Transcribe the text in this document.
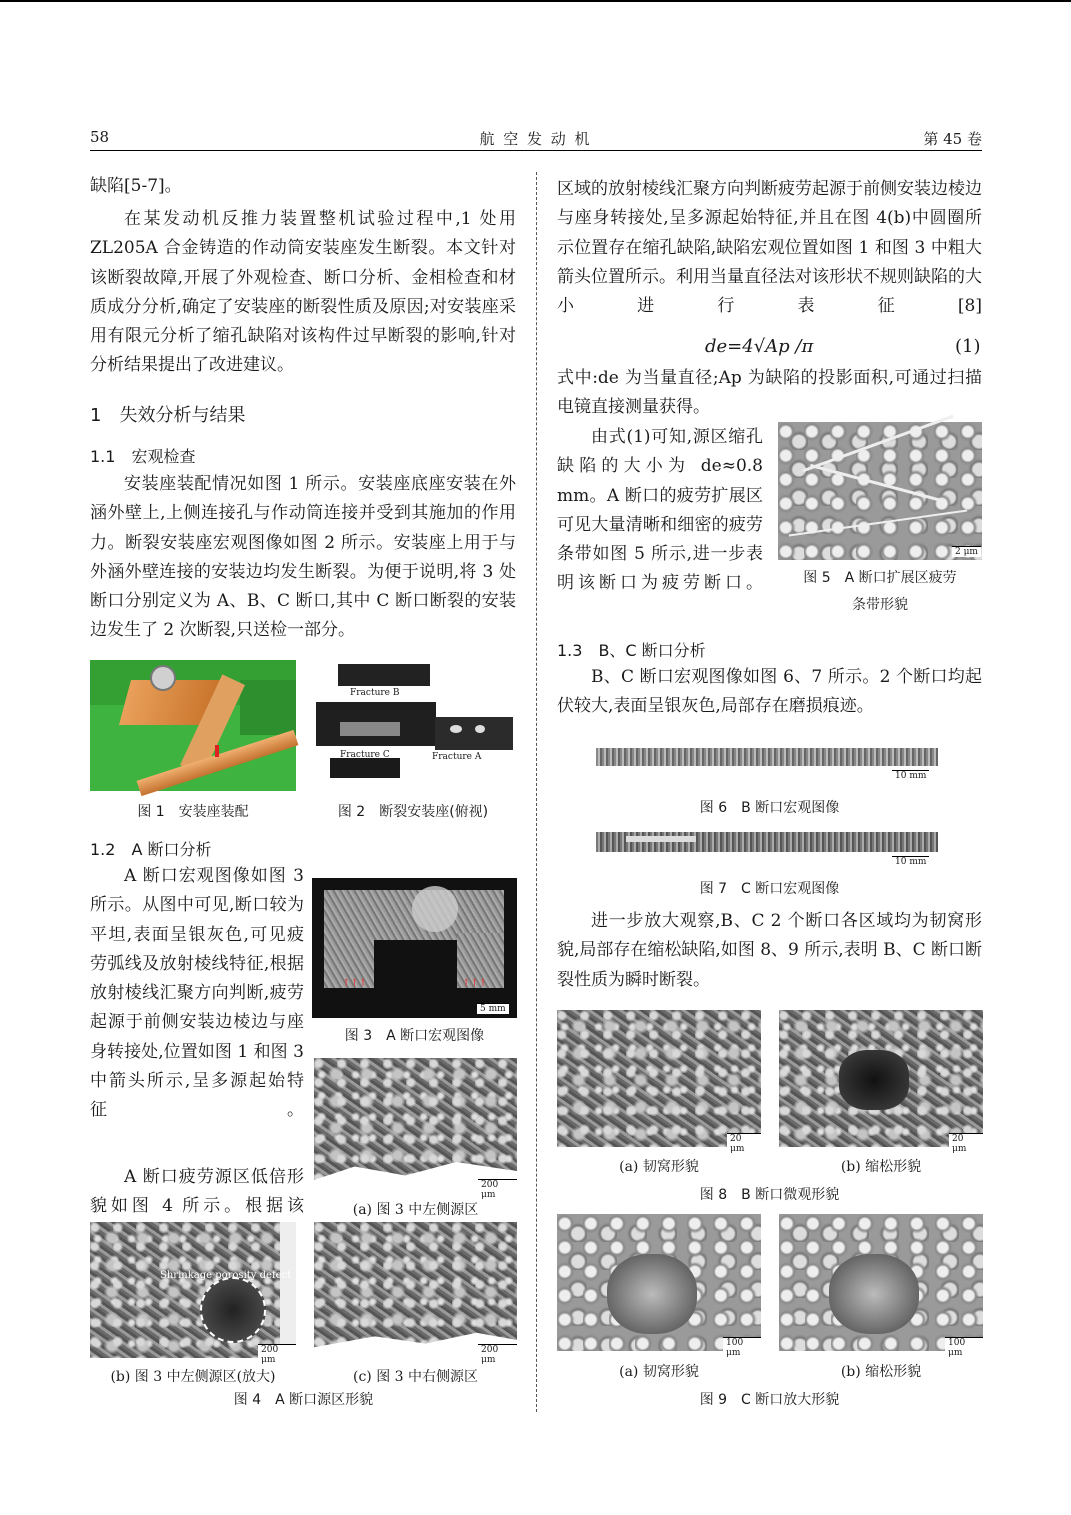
58	航 空 发 动 机	第 45 卷

缺陷[5-7]。

在某发动机反推力装置整机试验过程中,1 处用 ZL205A 合金铸造的作动筒安装座发生断裂。本文针对该断裂故障,开展了外观检查、断口分析、金相检查和材质成分分析,确定了安装座的断裂性质及原因;对安装座采用有限元分析了缩孔缺陷对该构件过早断裂的影响,针对分析结果提出了改进建议。

1　失效分析与结果
1.1　宏观检查

安装座装配情况如图 1 所示。安装座底座安装在外涵外壁上,上侧连接孔与作动筒连接并受到其施加的作用力。断裂安装座宏观图像如图 2 所示。安装座上用于与外涵外壁连接的安装边均发生断裂。为便于说明,将 3 处断口分别定义为 A、B、C 断口,其中 C 断口断裂的安装边发生了 2 次断裂,只送检一部分。

图 1　安装座装配
Fracture B
Fracture C	Fracture A
图 2　断裂安装座(俯视)
1.2　A 断口分析

A 断口宏观图像如图 3 所示。从图中可见,断口较为平坦,表面呈银灰色,可见疲劳弧线及放射棱线特征,根据放射棱线汇聚方向判断,疲劳起源于前侧安装边棱边与座身转接处,位置如图 1 和图 3 中箭头所示,呈多源起始特征。

A 断口疲劳源区低倍形貌如图 4 所示。根据该

↑↑↑	↑↑↑
5 mm
图 3　A 断口宏观图像
200 μm
(a) 图 3 中左侧源区
Shrinkage porosity defect
200 μm
(b) 图 3 中左侧源区(放大)
200 μm
(c) 图 3 中右侧源区
图 4　A 断口源区形貌

区域的放射棱线汇聚方向判断疲劳起源于前侧安装边棱边与座身转接处,呈多源起始特征,并且在图 4(b)中圆圈所示位置存在缩孔缺陷,缺陷宏观位置如图 1 和图 3 中粗大箭头位置所示。利用当量直径法对该形状不规则缺陷的大小进行表征[8]

de=4√Ap /π	(1)

式中:de 为当量直径;Ap 为缺陷的投影面积,可通过扫描电镜直接测量获得。

由式(1)可知,源区缩孔缺陷的大小为 de≈0.8 mm。A 断口的疲劳扩展区可见大量清晰和细密的疲劳条带如图 5 所示,进一步表明该断口为疲劳断口。

2 μm
图 5　A 断口扩展区疲劳
条带形貌
1.3　B、C 断口分析

B、C 断口宏观图像如图 6、7 所示。2 个断口均起伏较大,表面呈银灰色,局部存在磨损痕迹。

10 mm
图 6　B 断口宏观图像
10 mm
图 7　C 断口宏观图像

进一步放大观察,B、C 2 个断口各区域均为韧窝形貌,局部存在缩松缺陷,如图 8、9 所示,表明 B、C 断口断裂性质为瞬时断裂。

20 μm
20 μm
(a) 韧窝形貌	(b) 缩松形貌
图 8　B 断口微观形貌
100 μm
100 μm
(a) 韧窝形貌	(b) 缩松形貌
图 9　C 断口放大形貌
